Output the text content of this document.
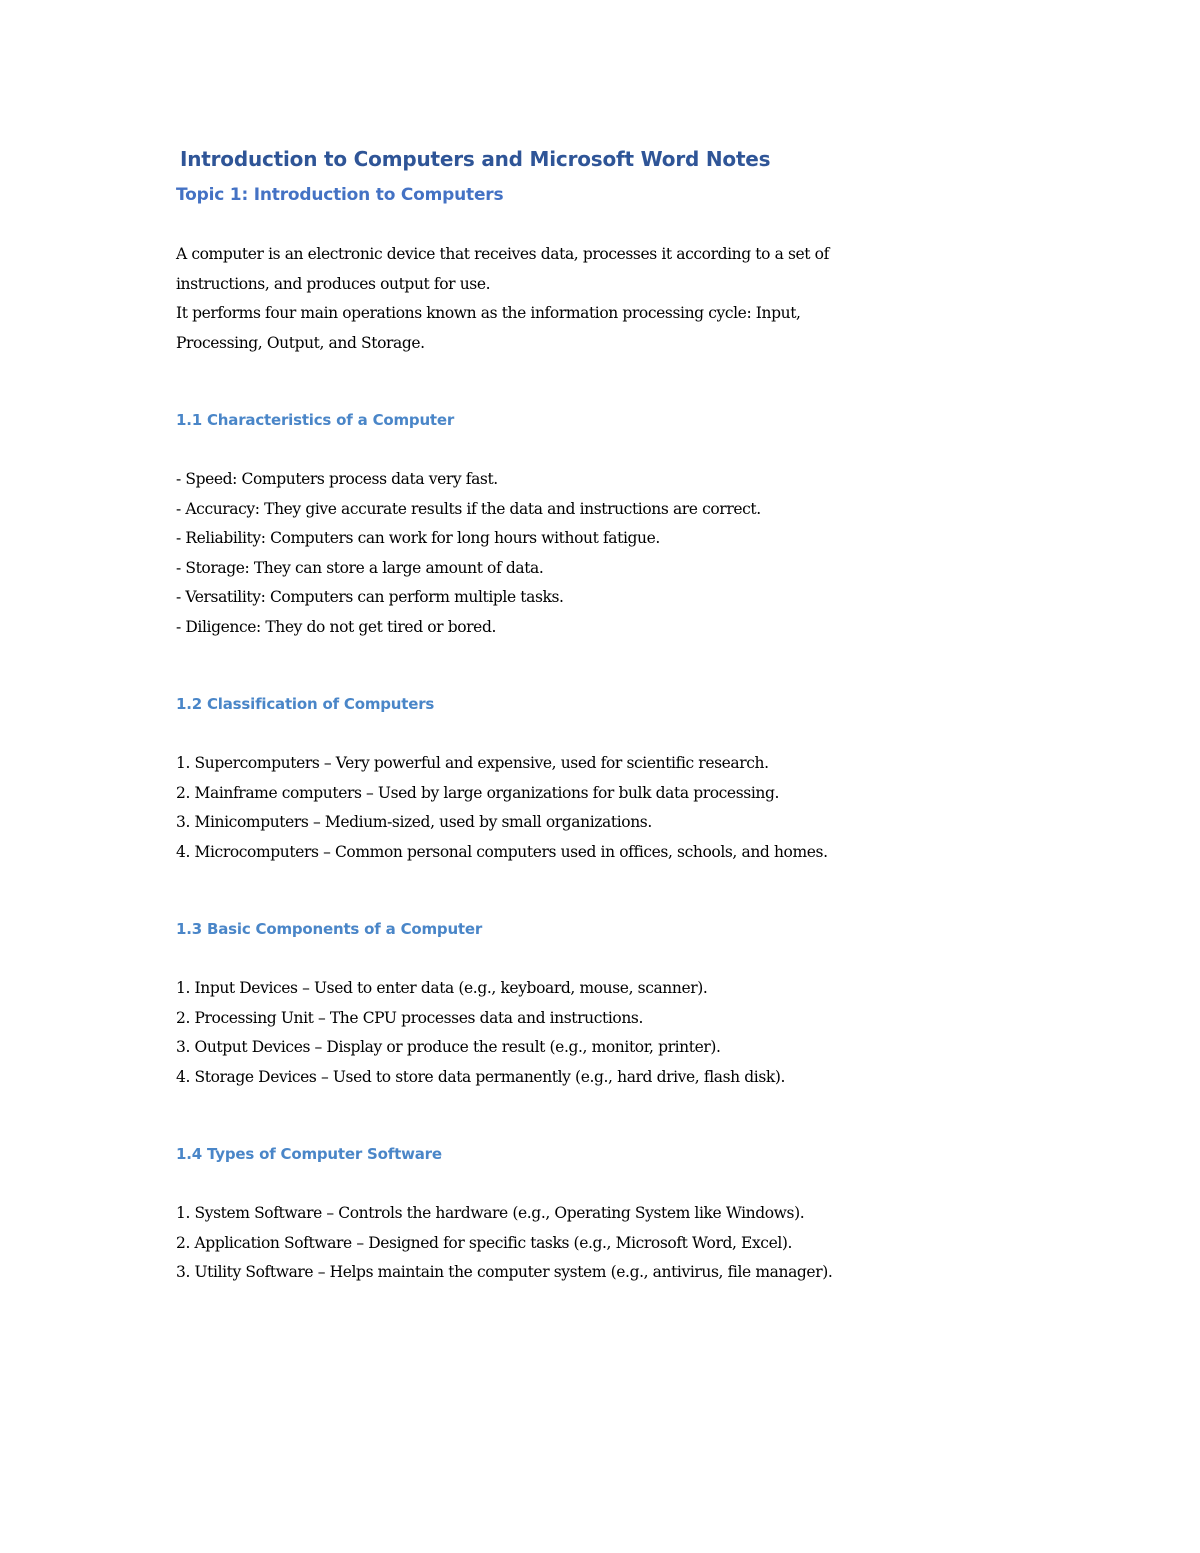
Introduction to Computers and Microsoft Word Notes
Topic 1: Introduction to Computers

A computer is an electronic device that receives data, processes it according to a set of
instructions, and produces output for use.
It performs four main operations known as the information processing cycle: Input,
Processing, Output, and Storage.

1.1 Characteristics of a Computer
- Speed: Computers process data very fast.
- Accuracy: They give accurate results if the data and instructions are correct.
- Reliability: Computers can work for long hours without fatigue.
- Storage: They can store a large amount of data.
- Versatility: Computers can perform multiple tasks.
- Diligence: They do not get tired or bored.
1.2 Classification of Computers
1. Supercomputers – Very powerful and expensive, used for scientific research.
2. Mainframe computers – Used by large organizations for bulk data processing.
3. Minicomputers – Medium-sized, used by small organizations.
4. Microcomputers – Common personal computers used in offices, schools, and homes.
1.3 Basic Components of a Computer
1. Input Devices – Used to enter data (e.g., keyboard, mouse, scanner).
2. Processing Unit – The CPU processes data and instructions.
3. Output Devices – Display or produce the result (e.g., monitor, printer).
4. Storage Devices – Used to store data permanently (e.g., hard drive, flash disk).
1.4 Types of Computer Software
1. System Software – Controls the hardware (e.g., Operating System like Windows).
2. Application Software – Designed for specific tasks (e.g., Microsoft Word, Excel).
3. Utility Software – Helps maintain the computer system (e.g., antivirus, file manager).
